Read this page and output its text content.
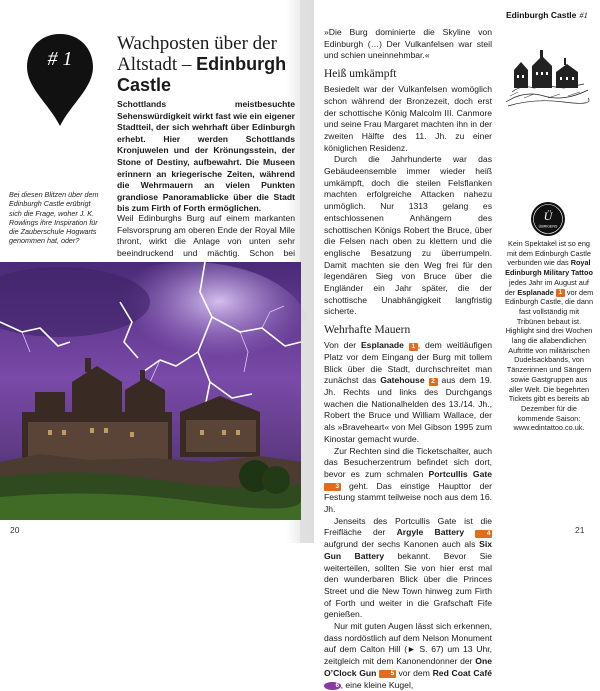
# 1
Wachposten über der
Altstadt – Edinburgh
Castle
Schottlands meistbesuchte Sehenswürdigkeit wirkt fast wie ein eigener Stadtteil, der sich wehrhaft über Edinburgh erhebt. Hier werden Schottlands Kronjuwelen und der Krönungsstein, der Stone of Destiny, aufbewahrt. Die Museen erinnern an kriegerische Zeiten, während die Wehrmauern an vielen Punkten grandiose Panoramablicke über die Stadt bis zum Firth of Forth ermöglichen.
Bei diesen Blitzen über dem Edinburgh Castle erübrigt sich die Frage, woher J. K. Rowlings ihre Inspiration für die Zauberschule Hogwarts genommen hat, oder?
Weil Edinburghs Burg auf einem markanten Felsvorsprung am oberen Ende der Royal Mile thront, wirkt die Anlage von unten sehr beeindruckend und mächtig. Schon bei
20
Edinburgh Castle #1

»Die Burg dominierte die Skyline von Edinburgh (…) Der Vulkanfelsen war steil und schien uneinnehmbar.«

Heiß umkämpft

Besiedelt war der Vulkanfelsen womöglich schon während der Bronzezeit, doch erst der schottische König Malcolm III. Canmore und seine Frau Margaret machten ihn in der zweiten Hälfte des 11. Jh. zu einer königlichen Residenz.

Durch die Jahrhunderte war das Gebäudeensemble immer wieder heiß umkämpft, doch die steilen Felsflanken machten erfolgreiche Attacken nahezu unmöglich. Nur 1313 gelang es entschlossenen Anhängern des schottischen Königs Robert the Bruce, über die Felsen nach oben zu klettern und die englische Besatzung zu überrumpeln. Damit machten sie den Weg frei für den legendären Sieg von Bruce über die Engländer ein Jahr später, die der schottische Unabhängigkeit langfristig sicherte.

Wehrhafte Mauern

Von der Esplanade 1 , dem weitläufigen Platz vor dem Eingang der Burg mit tollem Blick über die Stadt, durchschreitet man zunächst das Gatehouse 2 aus dem 19. Jh. Rechts und links des Durchgangs wachen die Nationalhelden des 13./14. Jh., Robert the Bruce und William Wallace, der als »Braveheart« von Mel Gibson 1995 zum Kinostar gemacht wurde.

Zur Rechten sind die Ticketschalter, auch das Besucherzentrum befindet sich dort, bevor es zum schmalen Portcullis Gate 3 geht. Das einstige Haupttor der Festung stammt teilweise noch aus dem 16. Jh.

Jenseits des Portcullis Gate ist die Freifläche der Argyle Battery	4 aufgrund der sechs Kanonen auch als Six Gun Battery bekannt. Bevor Sie weiterteilen, sollten Sie von hier erst mal den wunderbaren Blick über die Princes Street und die New Town hinweg zum Firth of Forth und weiter in die Grafschaft Fife genießen.

Nur mit guten Augen lässt sich erkennen, dass nordöstlich auf dem Nelson Monument auf dem Calton Hill (► S. 67) um 13 Uhr, zeitgleich mit dem Kanonendonner der One O’Clock Gun 5 vor dem Red Coat Café 6 , eine kleine Kugel,

Ü
ÜBRIGENS
Kein Spektakel ist so eng mit dem Edinburgh Castle verbunden wie das Royal Edinburgh Military Tattoo jedes Jahr im August auf der Esplanade 1 vor dem Edinburgh Castle, die dann fast vollständig mit Tribünen bebaut ist. Highlight sind drei Wochen lang die allabendlichen Auftritte von militärischen Dudelsackbands, von Tänzerinnen und Sängern sowie Gastgruppen aus aller Welt. Die begehrten Tickets gibt es bereits ab Dezember für die kommende Saison: www.edintattoo.co.uk.
21
